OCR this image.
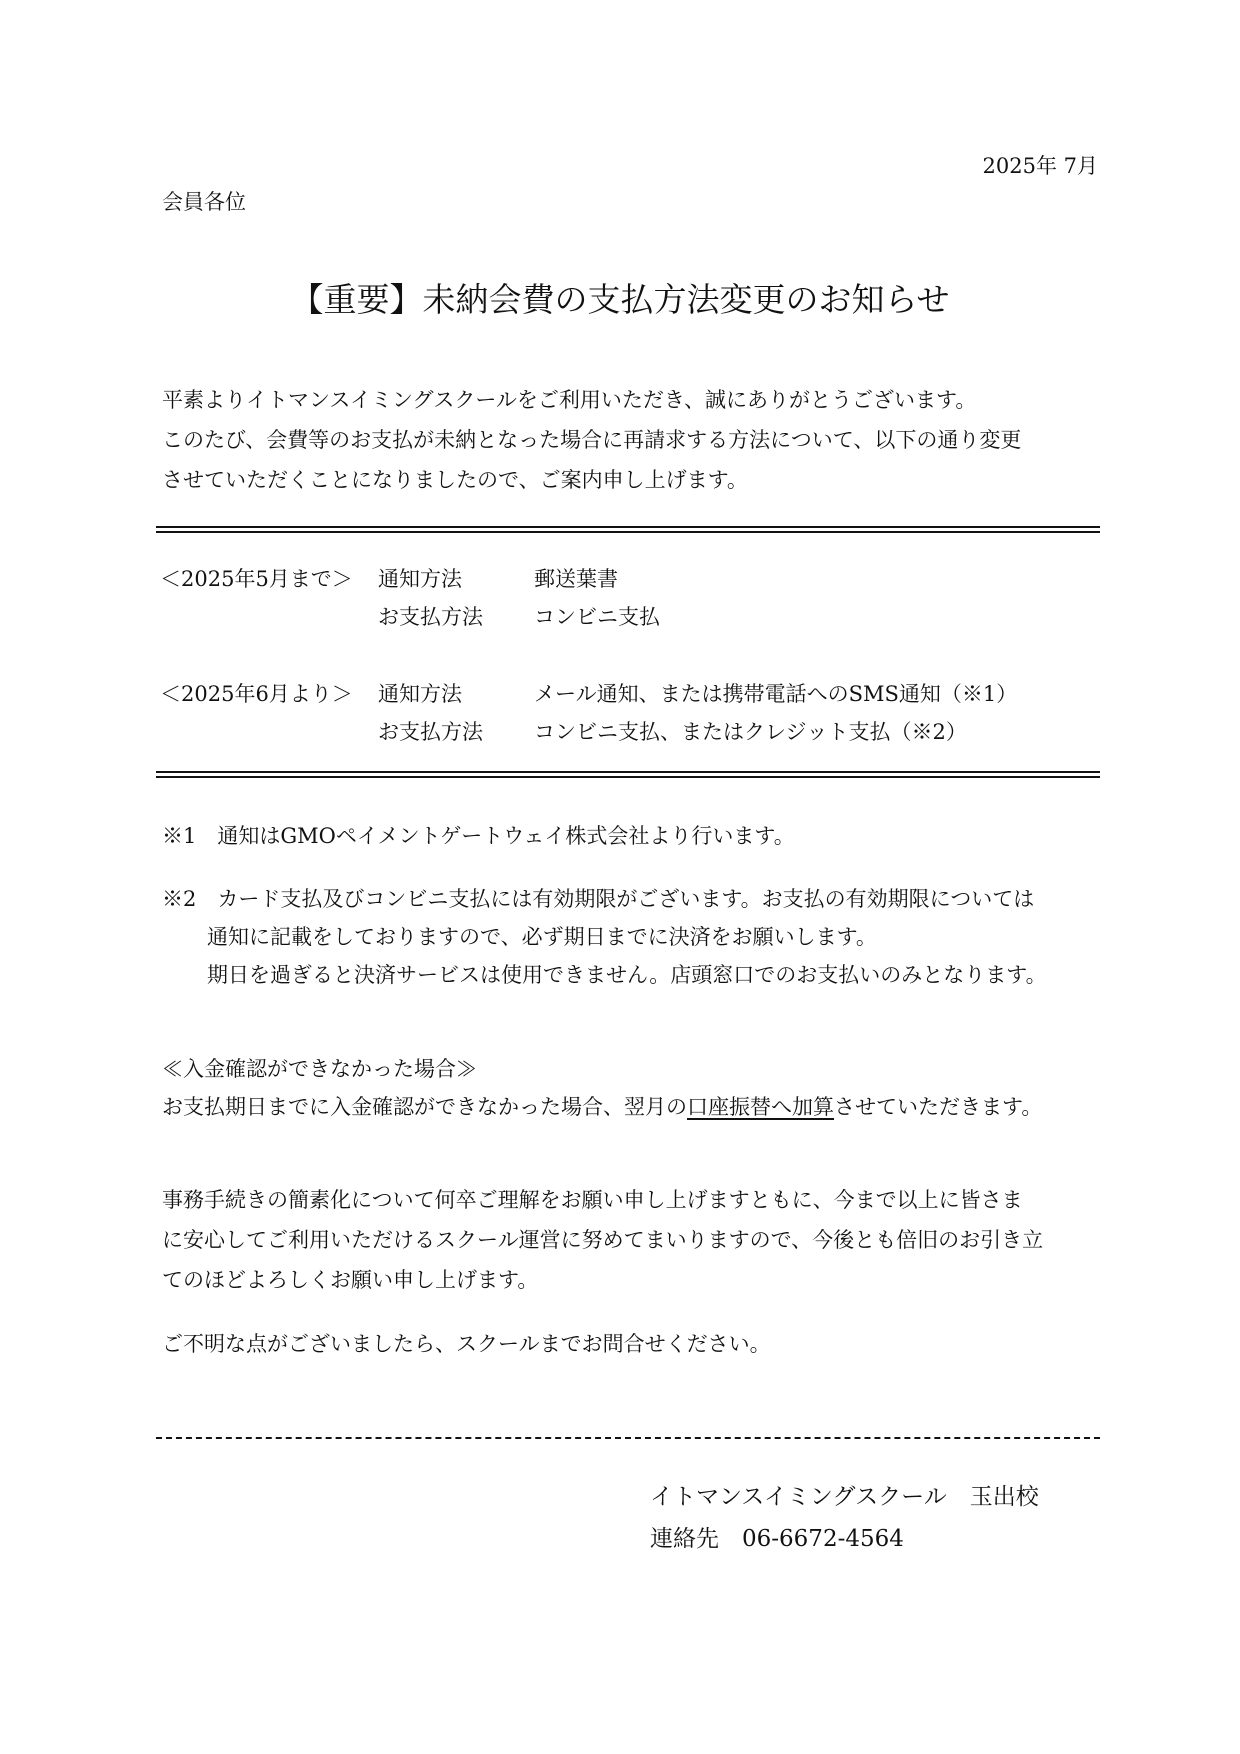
2025年 7月
会員各位
【重要】未納会費の支払方法変更のお知らせ
平素よりイトマンスイミングスクールをご利用いただき、誠にありがとうございます。
このたび、会費等のお支払が未納となった場合に再請求する方法について、以下の通り変更
させていただくことになりましたので、ご案内申し上げます。
＜2025年5月まで＞ 通知方法	郵送葉書
お支払方法 コンビニ支払
＜2025年6月より＞ 通知方法	メール通知、または携帯電話へのSMS通知（※1）
お支払方法 コンビニ支払、またはクレジット支払（※2）
※1　通知はGMOペイメントゲートウェイ株式会社より行います。
※2　カード支払及びコンビニ支払には有効期限がございます。お支払の有効期限については
通知に記載をしておりますので、必ず期日までに決済をお願いします。
期日を過ぎると決済サービスは使用できません。店頭窓口でのお支払いのみとなります。
≪入金確認ができなかった場合≫
お支払期日までに入金確認ができなかった場合、翌月の口座振替へ加算させていただきます。
事務手続きの簡素化について何卒ご理解をお願い申し上げますともに、今まで以上に皆さま
に安心してご利用いただけるスクール運営に努めてまいりますので、今後とも倍旧のお引き立
てのほどよろしくお願い申し上げます。
ご不明な点がございましたら、スクールまでお問合せください。
イトマンスイミングスクール　玉出校
連絡先　06-6672-4564
